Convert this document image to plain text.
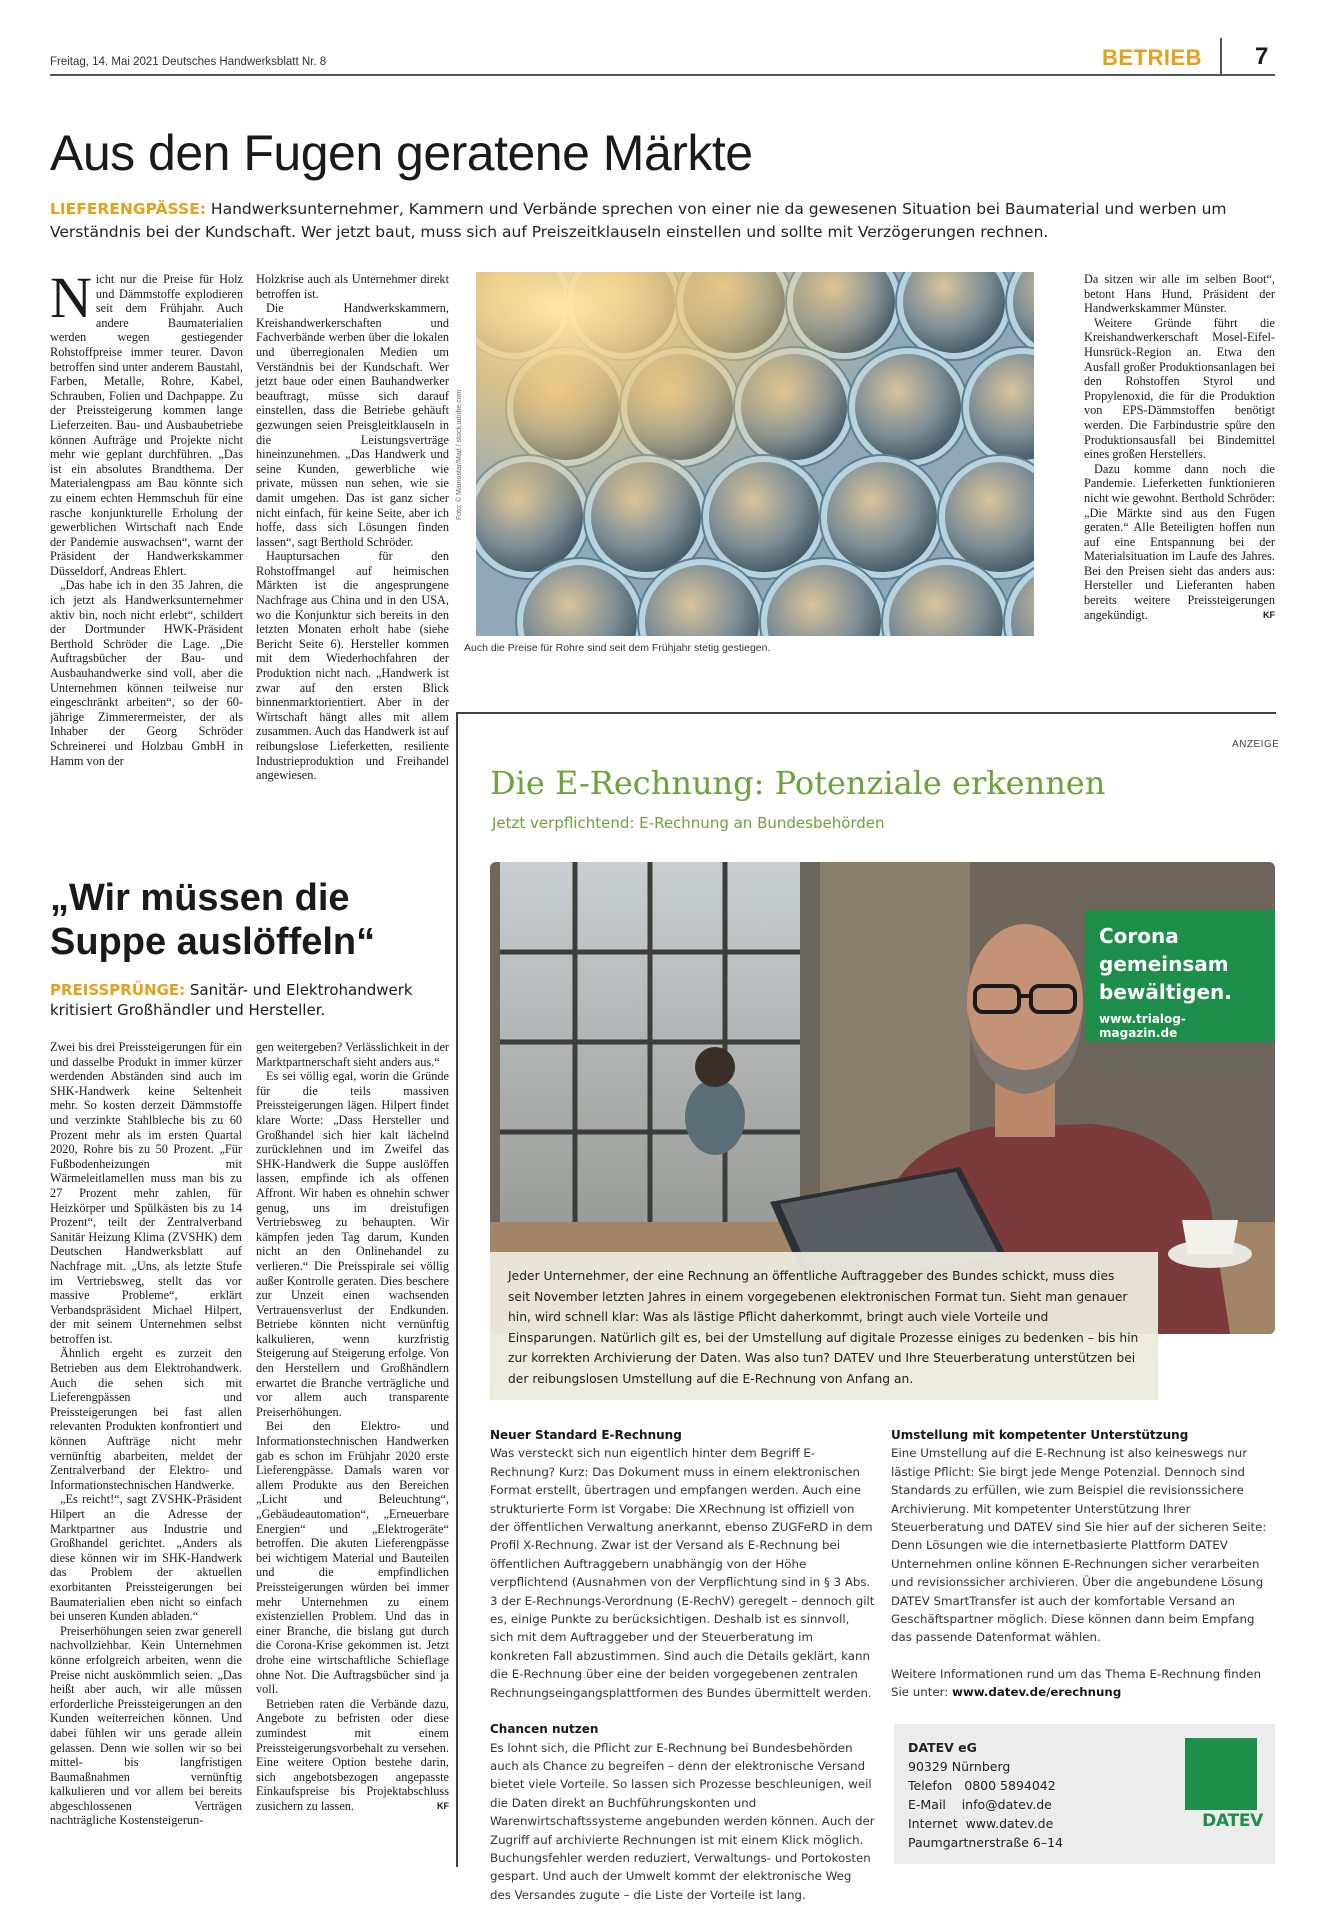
Freitag, 14. Mai 2021 Deutsches Handwerksblatt Nr. 8	BETRIEB 7
Aus den Fugen geratene Märkte
LIEFERENGPÄSSE: Handwerksunternehmer, Kammern und Verbände sprechen von einer nie da gewesenen Situation bei Baumaterial und werben um Verständnis bei der Kundschaft. Wer jetzt baut, muss sich auf Preiszeitklauseln einstellen und sollte mit Verzögerungen rechnen.

Nicht nur die Preise für Holz und Dämmstoffe explodieren seit dem Frühjahr. Auch andere Baumaterialien werden wegen gestiegender Rohstoffpreise immer teurer. Davon betroffen sind unter anderem Baustahl, Farben, Metalle, Rohre, Kabel, Schrauben, Folien und Dachpappe. Zu der Preissteigerung kommen lange Lieferzeiten. Bau- und Ausbaubetriebe können Aufträge und Projekte nicht mehr wie geplant durchführen. „Das ist ein absolutes Brandthema. Der Materialengpass am Bau könnte sich zu einem echten Hemmschuh für eine rasche konjunkturelle Erholung der gewerblichen Wirtschaft nach Ende der Pandemie auswachsen“, warnt der Präsident der Handwerkskammer Düsseldorf, Andreas Ehlert.

„Das habe ich in den 35 Jahren, die ich jetzt als Handwerksunternehmer aktiv bin, noch nicht erlebt“, schildert der Dortmunder HWK-Präsident Berthold Schröder die Lage. „Die Auftragsbücher der Bau- und Ausbauhandwerke sind voll, aber die Unternehmen können teilweise nur eingeschränkt arbeiten“, so der 60-jährige Zimmerermeister, der als Inhaber der Georg Schröder Schreinerei und Holzbau GmbH in Hamm von der

Holzkrise auch als Unternehmer direkt betroffen ist.

Die Handwerkskammern, Kreishandwerkerschaften und Fachverbände werben über die lokalen und überregionalen Medien um Verständnis bei der Kundschaft. Wer jetzt baue oder einen Bauhandwerker beauftragt, müsse sich darauf einstellen, dass die Betriebe gehäuft gezwungen seien Preisgleitklauseln in die Leistungsverträge hineinzunehmen. „Das Handwerk und seine Kunden, gewerbliche wie private, müssen nun sehen, wie sie damit umgehen. Das ist ganz sicher nicht einfach, für keine Seite, aber ich hoffe, dass sich Lösungen finden lassen“, sagt Berthold Schröder.

Hauptursachen für den Rohstoffmangel auf heimischen Märkten ist die angesprungene Nachfrage aus China und in den USA, wo die Konjunktur sich bereits in den letzten Monaten erholt habe (siehe Bericht Seite 6). Hersteller kommen mit dem Wiederhochfahren der Produktion nicht nach. „Handwerk ist zwar auf den ersten Blick binnenmarktorientiert. Aber in der Wirtschaft hängt alles mit allem zusammen. Auch das Handwerk ist auf reibungslose Lieferketten, resiliente Industrieproduktion und Freihandel angewiesen.

Da sitzen wir alle im selben Boot“, betont Hans Hund, Präsident der Handwerkskammer Münster.

Weitere Gründe führt die Kreishandwerkerschaft Mosel-Eifel-Hunsrück-Region an. Etwa den Ausfall großer Produktionsanlagen bei den Rohstoffen Styrol und Propylenoxid, die für die Produktion von EPS-Dämmstoffen benötigt werden. Die Farbindustrie spüre den Produktionsausfall bei Bindemittel eines großen Herstellers.

Dazu komme dann noch die Pandemie. Lieferketten funktionieren nicht wie gewohnt. Berthold Schröder: „Die Märkte sind aus den Fugen geraten.“ Alle Beteiligten hoffen nun auf eine Entspannung bei der Materialsituation im Laufe des Jahres. Bei den Preisen sieht das anders aus: Hersteller und Lieferanten haben bereits weitere Preissteigerungen angekündigt.	KF

Foto: © Mamostar/Mad / stock.adobe.com
Auch die Preise für Rohre sind seit dem Frühjahr stetig gestiegen.
„Wir müssen die Suppe auslöffeln“
PREISSPRÜNGE: Sanitär- und Elektrohandwerk kritisiert Großhändler und Hersteller.

Zwei bis drei Preissteigerungen für ein und dasselbe Produkt in immer kürzer werdenden Abständen sind auch im SHK-Handwerk keine Seltenheit mehr. So kosten derzeit Dämmstoffe und verzinkte Stahlbleche bis zu 60 Prozent mehr als im ersten Quartal 2020, Rohre bis zu 50 Prozent. „Für Fußbodenheizungen mit Wärmeleitlamellen muss man bis zu 27 Prozent mehr zahlen, für Heizkörper und Spülkästen bis zu 14 Prozent“, teilt der Zentralverband Sanitär Heizung Klima (ZVSHK) dem Deutschen Handwerksblatt auf Nachfrage mit. „Uns, als letzte Stufe im Vertriebsweg, stellt das vor massive Probleme“, erklärt Verbandspräsident Michael Hilpert, der mit seinem Unternehmen selbst betroffen ist.

Ähnlich ergeht es zurzeit den Betrieben aus dem Elektrohandwerk. Auch die sehen sich mit Lieferengpässen und Preissteigerungen bei fast allen relevanten Produkten konfrontiert und können Aufträge nicht mehr vernünftig abarbeiten, meldet der Zentralverband der Elektro- und Informationstechnischen Handwerke.

„Es reicht!“, sagt ZVSHK-Präsident Hilpert an die Adresse der Marktpartner aus Industrie und Großhandel gerichtet. „Anders als diese können wir im SHK-Handwerk das Problem der aktuellen exorbitanten Preissteigerungen bei Baumaterialien eben nicht so einfach bei unseren Kunden abladen.“

Preiserhöhungen seien zwar generell nachvollziehbar. Kein Unternehmen könne erfolgreich arbeiten, wenn die Preise nicht auskömmlich seien. „Das heißt aber auch, wir alle müssen erforderliche Preissteigerungen an den Kunden weiterreichen können. Und dabei fühlen wir uns gerade allein gelassen. Denn wie sollen wir so bei mittel- bis langfristigen Baumaßnahmen vernünftig kalkulieren und vor allem bei bereits abgeschlossenen Verträgen nachträgliche Kostensteigerun-

gen weitergeben? Verlässlichkeit in der Marktpartnerschaft sieht anders aus.“

Es sei völlig egal, worin die Gründe für die teils massiven Preissteigerungen lägen. Hilpert findet klare Worte: „Dass Hersteller und Großhandel sich hier kalt lächelnd zurücklehnen und im Zweifel das SHK-Handwerk die Suppe auslöffen lassen, empfinde ich als offenen Affront. Wir haben es ohnehin schwer genug, uns im dreistufigen Vertriebsweg zu behaupten. Wir kämpfen jeden Tag darum, Kunden nicht an den Onlinehandel zu verlieren.“ Die Preisspirale sei völlig außer Kontrolle geraten. Dies beschere zur Unzeit einen wachsenden Vertrauensverlust der Endkunden. Betriebe könnten nicht vernünftig kalkulieren, wenn kurzfristig Steigerung auf Steigerung erfolge. Von den Herstellern und Großhändlern erwartet die Branche verträgliche und vor allem auch transparente Preiserhöhungen.

Bei den Elektro- und Informationstechnischen Handwerken gab es schon im Frühjahr 2020 erste Lieferengpässe. Damals waren vor allem Produkte aus den Bereichen „Licht und Beleuchtung“, „Gebäudeautomation“, „Erneuerbare Energien“ und „Elektrogeräte“ betroffen. Die akuten Lieferengpässe bei wichtigem Material und Bauteilen und die empfindlichen Preissteigerungen würden bei immer mehr Unternehmen zu einem existenziellen Problem. Und das in einer Branche, die bislang gut durch die Corona-Krise gekommen ist. Jetzt drohe eine wirtschaftliche Schieflage ohne Not. Die Auftragsbücher sind ja voll.

Betrieben raten die Verbände dazu, Angebote zu befristen oder diese zumindest mit einem Preissteigerungsvorbehalt zu versehen. Eine weitere Option bestehe darin, sich angebotsbezogen angepasste Einkaufspreise bis Projektabschluss zusichern zu lassen.	KF

ANZEIGE
Die E-Rechnung: Potenziale erkennen
Jetzt verpflichtend: E-Rechnung an Bundesbehörden
Corona gemeinsam bewältigen.
www.trialog-magazin.de
Jeder Unternehmer, der eine Rechnung an öffentliche Auftraggeber des Bundes schickt, muss dies seit November letzten Jahres in einem vorgegebenen elektronischen Format tun. Sieht man genauer hin, wird schnell klar: Was als lästige Pflicht daherkommt, bringt auch viele Vorteile und Einsparungen. Natürlich gilt es, bei der Umstellung auf digitale Prozesse einiges zu bedenken – bis hin zur korrekten Archivierung der Daten. Was also tun? DATEV und Ihre Steuerberatung unterstützen bei der reibungslosen Umstellung auf die E-Rechnung von Anfang an.
Neuer Standard E-Rechnung

Was versteckt sich nun eigentlich hinter dem Begriff E-Rechnung? Kurz: Das Dokument muss in einem elektronischen Format erstellt, übertragen und empfangen werden. Auch eine strukturierte Form ist Vorgabe: Die XRechnung ist offiziell von der öffentlichen Verwaltung anerkannt, ebenso ZUGFeRD in dem Profil X-Rechnung. Zwar ist der Versand als E-Rechnung bei öffentlichen Auftraggebern unabhängig von der Höhe verpflichtend (Ausnahmen von der Verpflichtung sind in § 3 Abs. 3 der E-Rechnungs-Verordnung (E-RechV) geregelt – dennoch gilt es, einige Punkte zu berücksichtigen. Deshalb ist es sinnvoll, sich mit dem Auftraggeber und der Steuerberatung im konkreten Fall abzustimmen. Sind auch die Details geklärt, kann die E-Rechnung über eine der beiden vorgegebenen zentralen Rechnungseingangsplattformen des Bundes übermittelt werden.

Chancen nutzen

Es lohnt sich, die Pflicht zur E-Rechnung bei Bundesbehörden auch als Chance zu begreifen – denn der elektronische Versand bietet viele Vorteile. So lassen sich Prozesse beschleunigen, weil die Daten direkt an Buchführungskonten und Warenwirtschaftssysteme angebunden werden können. Auch der Zugriff auf archivierte Rechnungen ist mit einem Klick möglich. Buchungsfehler werden reduziert, Verwaltungs- und Portokosten gespart. Und auch der Umwelt kommt der elektronische Weg des Versandes zugute – die Liste der Vorteile ist lang.

Umstellung mit kompetenter Unterstützung

Eine Umstellung auf die E-Rechnung ist also keineswegs nur lästige Pflicht: Sie birgt jede Menge Potenzial. Dennoch sind Standards zu erfüllen, wie zum Beispiel die revisionssichere Archivierung. Mit kompetenter Unterstützung Ihrer Steuerberatung und DATEV sind Sie hier auf der sicheren Seite: Denn Lösungen wie die internetbasierte Plattform DATEV Unternehmen online können E-Rechnungen sicher verarbeiten und revisionssicher archivieren. Über die angebundene Lösung DATEV SmartTransfer ist auch der komfortable Versand an Geschäftspartner möglich. Diese können dann beim Empfang das passende Datenformat wählen.

Weitere Informationen rund um das Thema E-Rechnung finden Sie unter: www.datev.de/erechnung

DATEV eG
90329 Nürnberg
Telefon   0800 5894042
E-Mail    info@datev.de
Internet  www.datev.de
Paumgartnerstraße 6–14
DATEV
